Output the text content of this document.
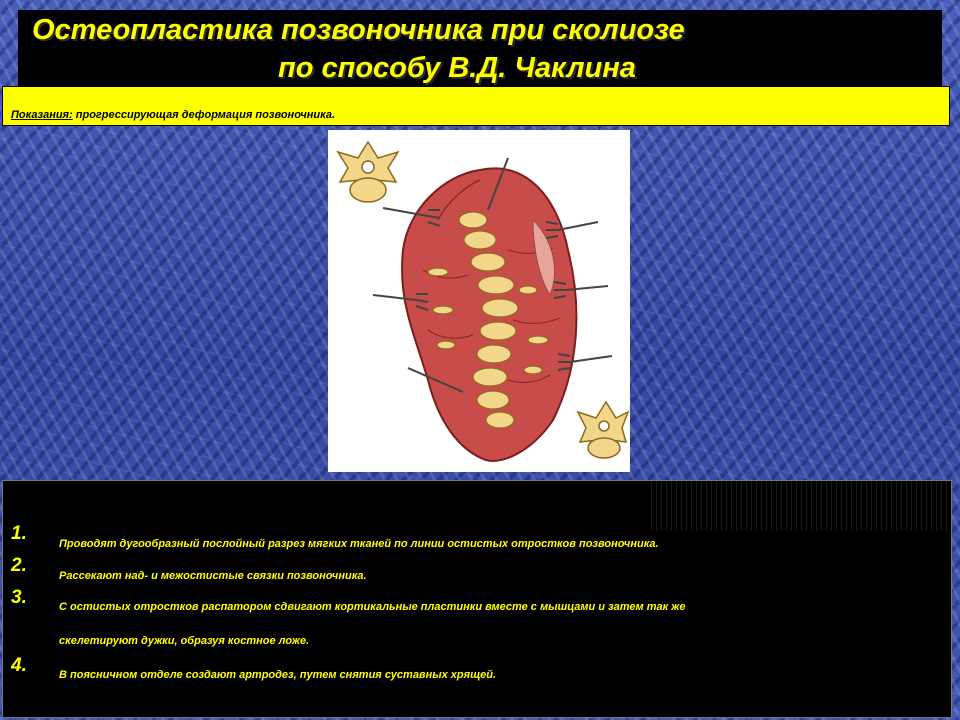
Остеопластика позвоночника при сколиозе
по способу В.Д. Чаклина
Показания: прогрессирующая деформация позвоночника.
1.	Проводят дугообразный послойный разрез мягких тканей по линии остистых отростков позвоночника.
2.	Рассекают над- и межостистые связки позвоночника.
3.	С остистых отростков распатором сдвигают кортикальные пластинки вместе с мышцами и затем так же
скелетируют дужки, образуя костное ложе.
4.	В поясничном отделе создают артродез, путем снятия суставных хрящей.
